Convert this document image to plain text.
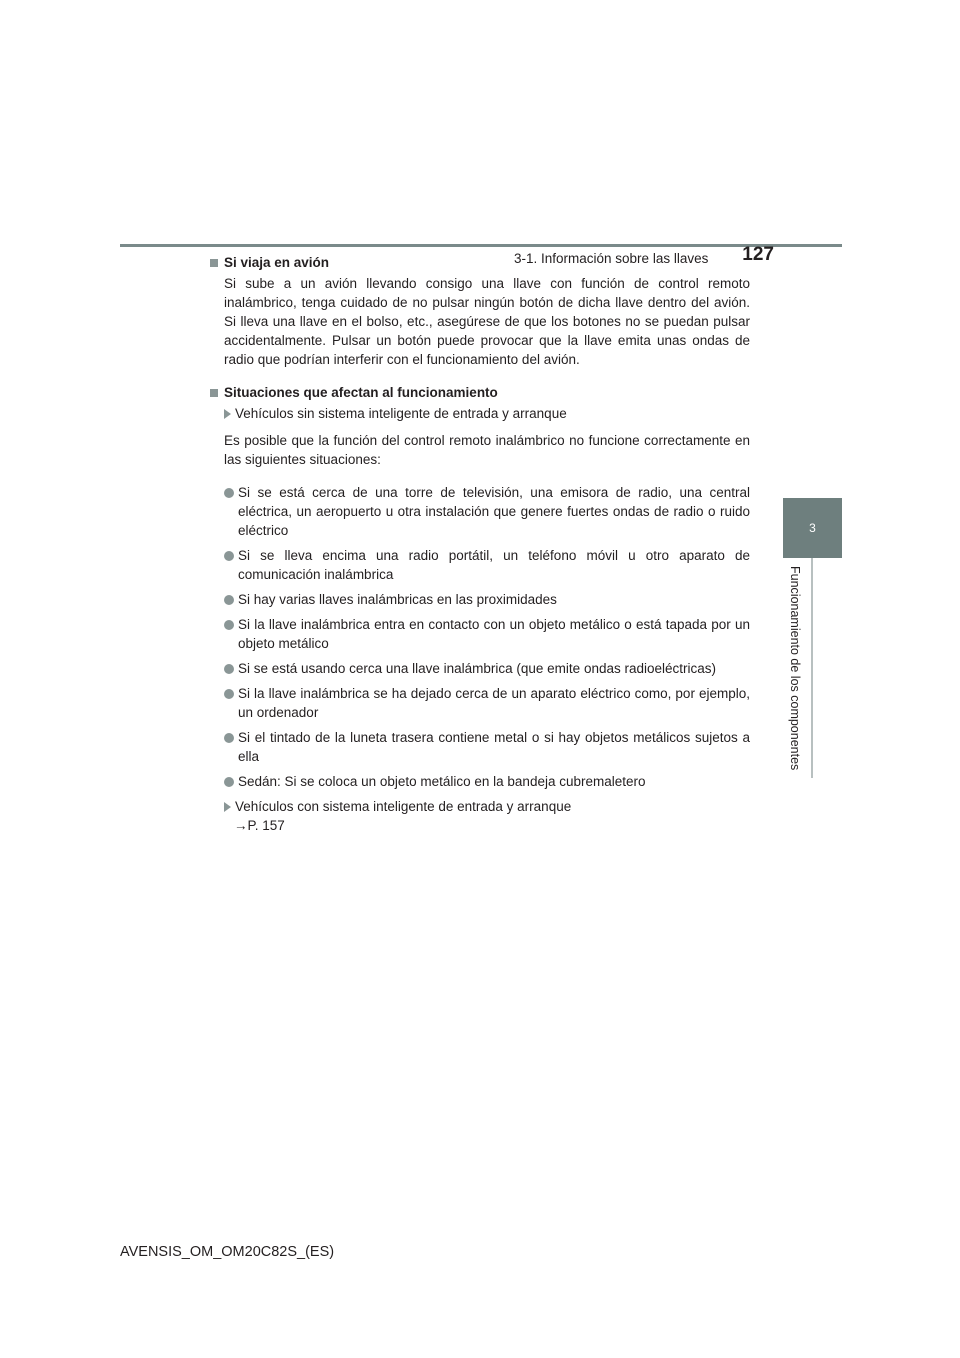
3-1. Información sobre las llaves	127
3
Funcionamiento de los componentes
Si viaja en avión

Si sube a un avión llevando consigo una llave con función de control remoto inalámbrico, tenga cuidado de no pulsar ningún botón de dicha llave dentro del avión. Si lleva una llave en el bolso, etc., asegúrese de que los botones no se puedan pulsar accidentalmente. Pulsar un botón puede provocar que la llave emita unas ondas de radio que podrían interferir con el funcionamiento del avión.

Situaciones que afectan al funcionamiento
Vehículos sin sistema inteligente de entrada y arranque

Es posible que la función del control remoto inalámbrico no funcione correctamente en las siguientes situaciones:

Si se está cerca de una torre de televisión, una emisora de radio, una central eléctrica, un aeropuerto u otra instalación que genere fuertes ondas de radio o ruido eléctrico
Si se lleva encima una radio portátil, un teléfono móvil u otro aparato de comunicación inalámbrica
Si hay varias llaves inalámbricas en las proximidades
Si la llave inalámbrica entra en contacto con un objeto metálico o está tapada por un objeto metálico
Si se está usando cerca una llave inalámbrica (que emite ondas radioeléctricas)
Si la llave inalámbrica se ha dejado cerca de un aparato eléctrico como, por ejemplo, un ordenador
Si el tintado de la luneta trasera contiene metal o si hay objetos metálicos sujetos a ella
Sedán: Si se coloca un objeto metálico en la bandeja cubremaletero
Vehículos con sistema inteligente de entrada y arranque
→P. 157
AVENSIS_OM_OM20C82S_(ES)
